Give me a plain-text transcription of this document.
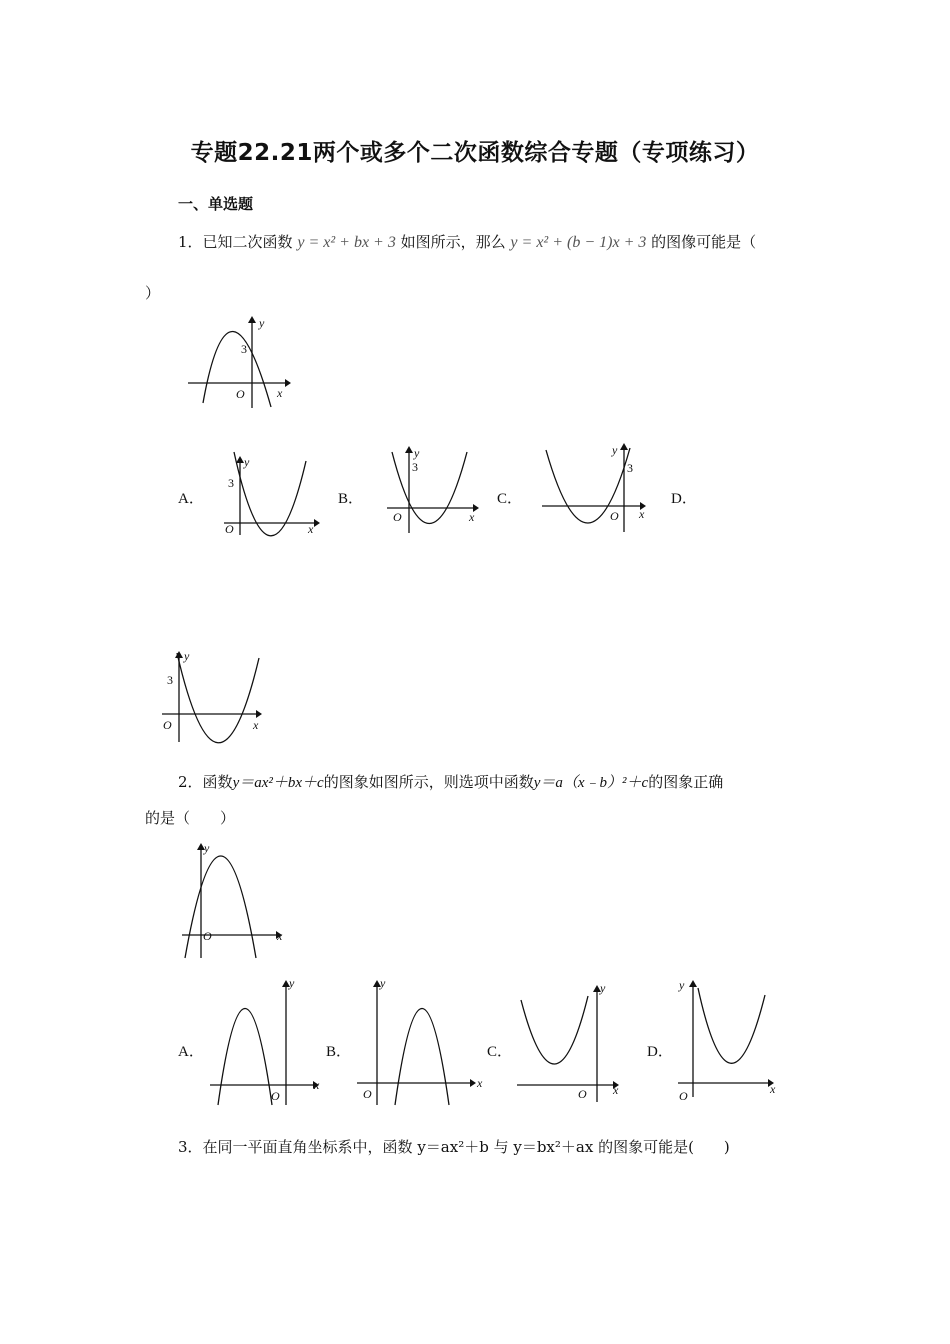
专题22.21两个或多个二次函数综合专题（专项练习）
一、单选题
1．已知二次函数 y = x² + bx + 3 如图所示，那么 y = x² + (b − 1)x + 3 的图像可能是（
）
y
3
O	x
A．
y
3
O	x
B．
y
3
O	x
C．
y
3
O x
D．
y
3
O	x
2．函数y＝ax²＋bx＋c的图象如图所示，则选项中函数y＝a（x﹣b）²＋c的图象正确
的是（　　）
y
O	x
A．
y
O
x
B．
y
O
x
C．
y
O x
D．
y
O	x
3．在同一平面直角坐标系中，函数 y＝ax²＋b 与 y＝bx²＋ax 的图象可能是(　　)
